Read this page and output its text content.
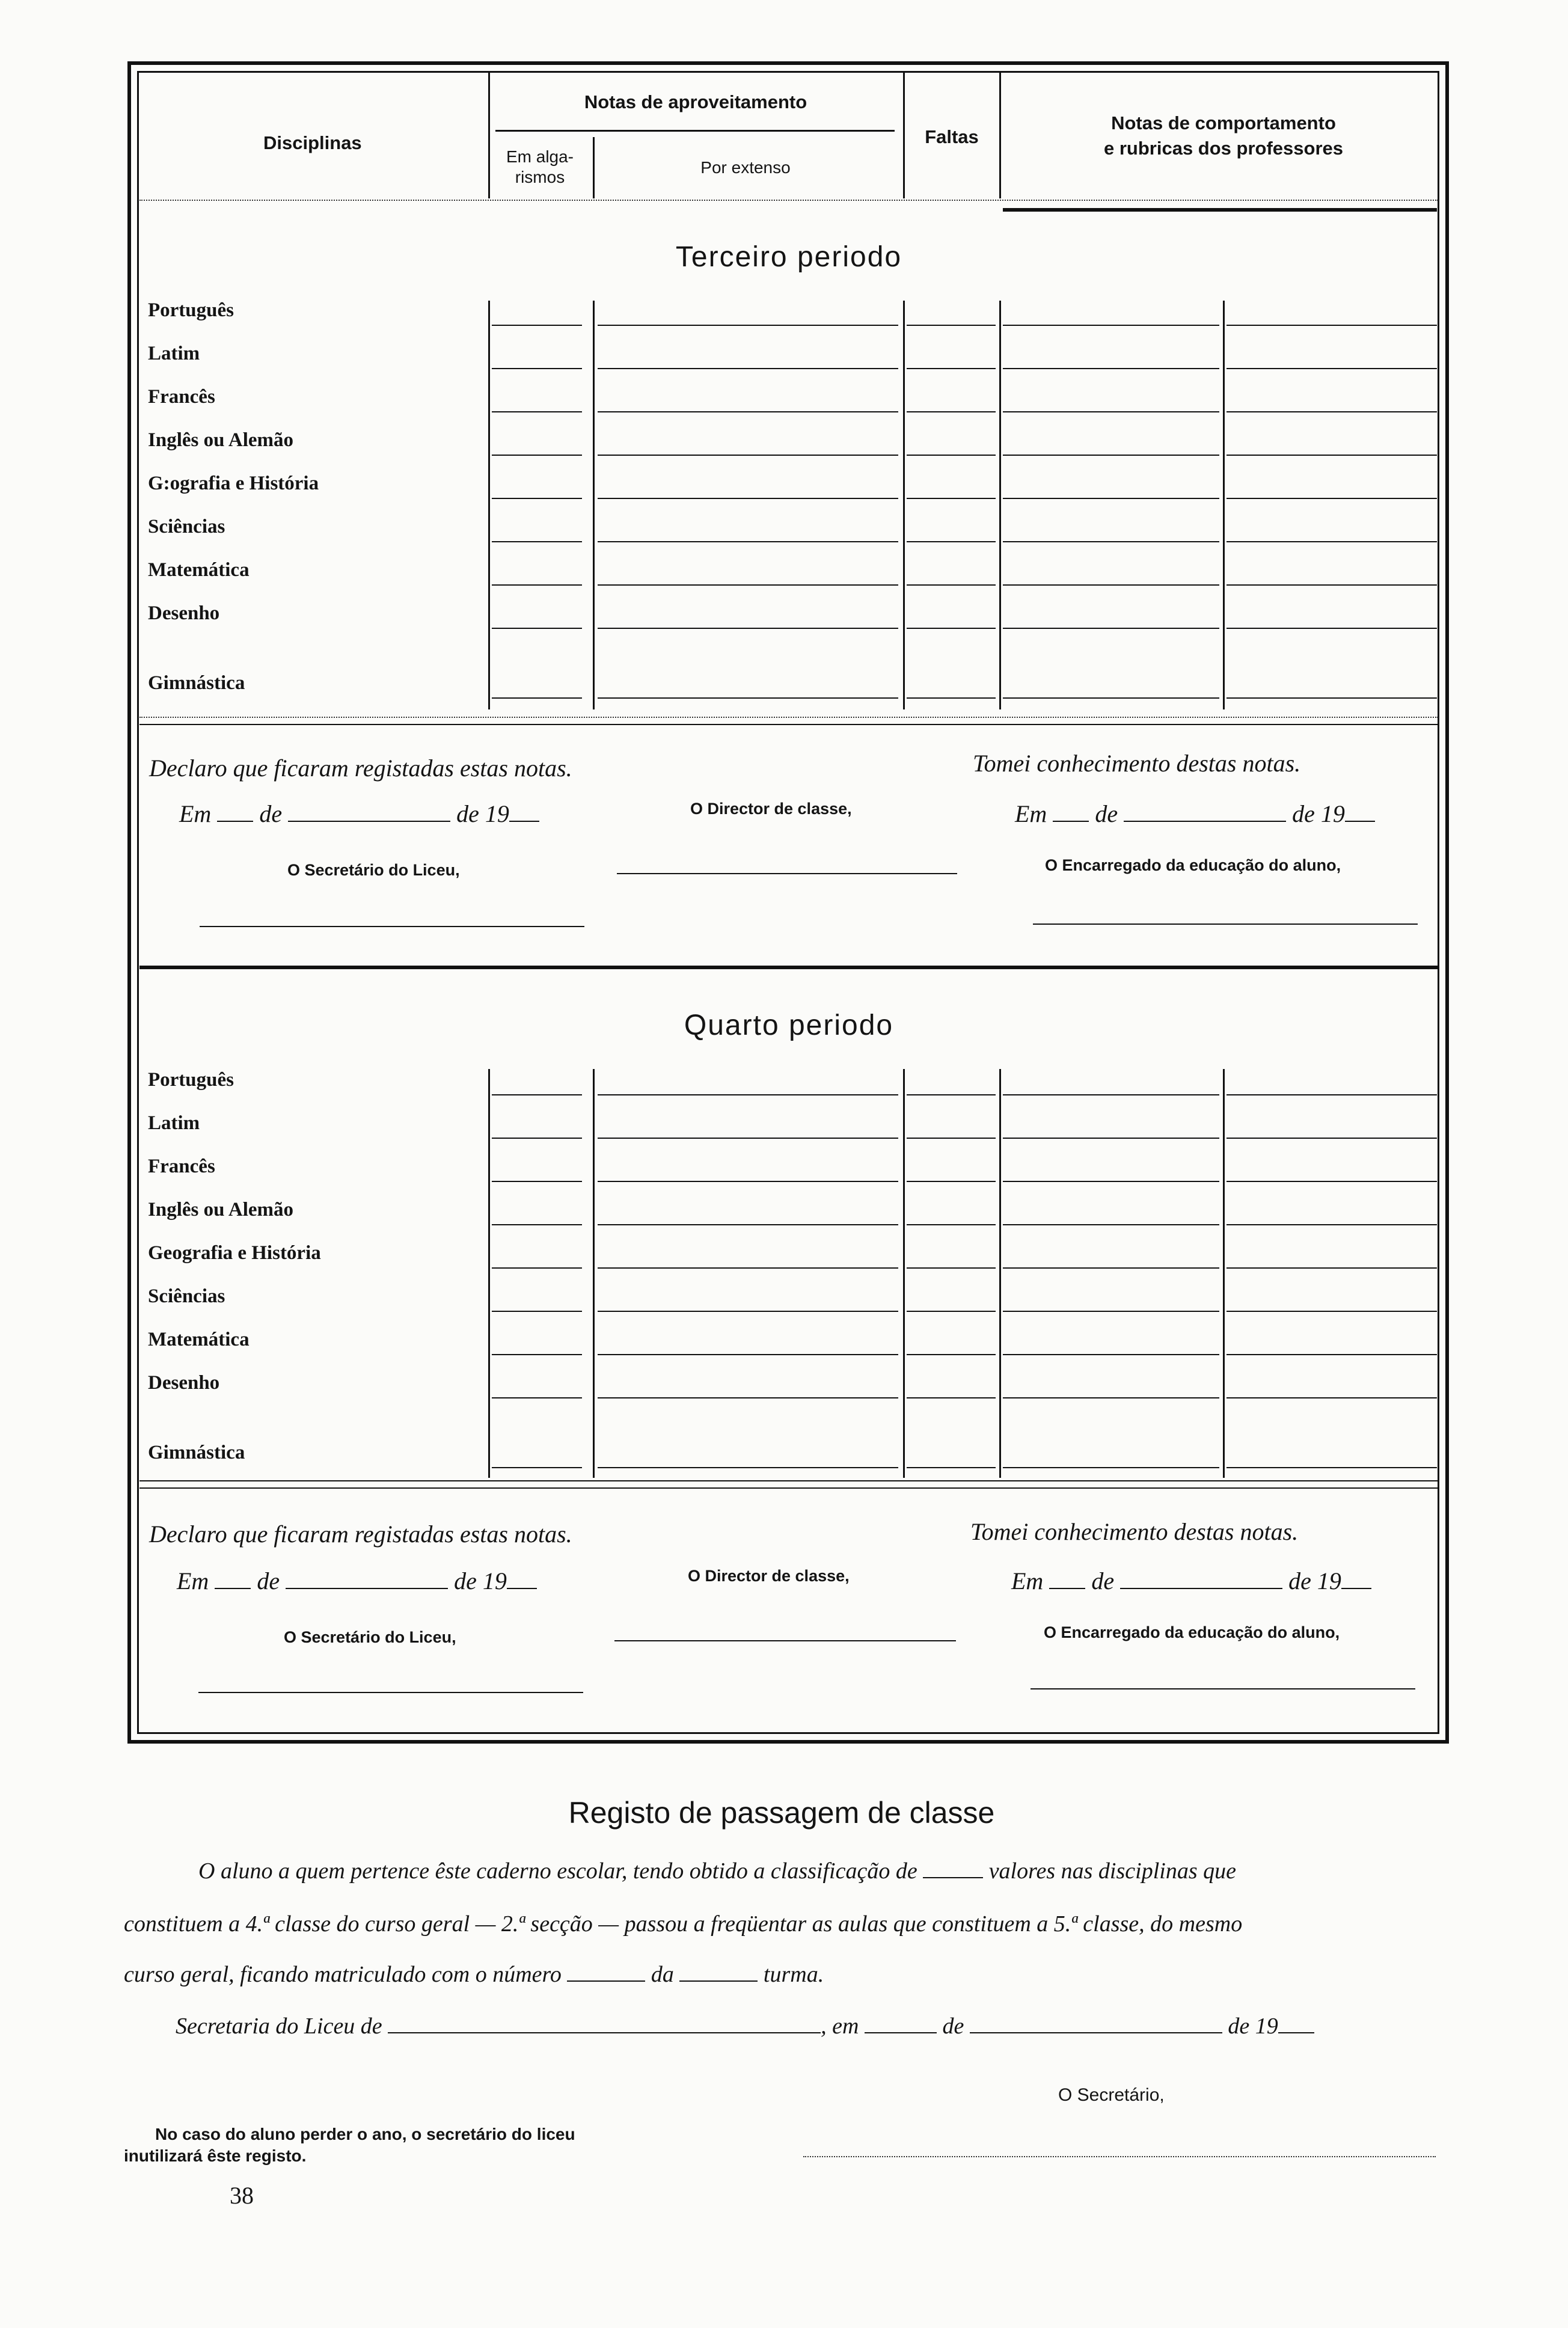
Disciplinas
Notas de aproveitamento
Em alga-
rismos
Por extenso
Faltas
Notas de comportamento
e rubricas dos professores
Terceiro periodo
Português
Latim
Francês
Inglês ou Alemão
G:ografia e História
Sciências
Matemática
Desenho
Gimnástica
Declaro que ficaram registadas estas notas.	Tomei conhecimento destas notas.
Em de	de 19	O Director de classe,	Em de	de 19
O Secretário do Liceu,	O Encarregado da educação do aluno,
Quarto periodo
Português
Latim
Francês
Inglês ou Alemão
Geografia e História
Sciências
Matemática
Desenho
Gimnástica
Declaro que ficaram registadas estas notas.	Tomei conhecimento destas notas.
Em de	de 19	O Director de classe,	Em de	de 19
O Secretário do Liceu,	O Encarregado da educação do aluno,
Registo de passagem de classe
O aluno a quem pertence êste caderno escolar, tendo obtido a classificação de	valores nas disciplinas que
constituem a 4.ª classe do curso geral — 2.ª secção — passou a freqüentar as aulas que constituem a 5.ª classe, do mesmo
curso geral, ficando matriculado com o número	da	turma.
Secretaria do Liceu de	, em	de	de 19
O Secretário,
No caso do aluno perder o ano, o secretário do liceu
inutilizará êste registo.
38
